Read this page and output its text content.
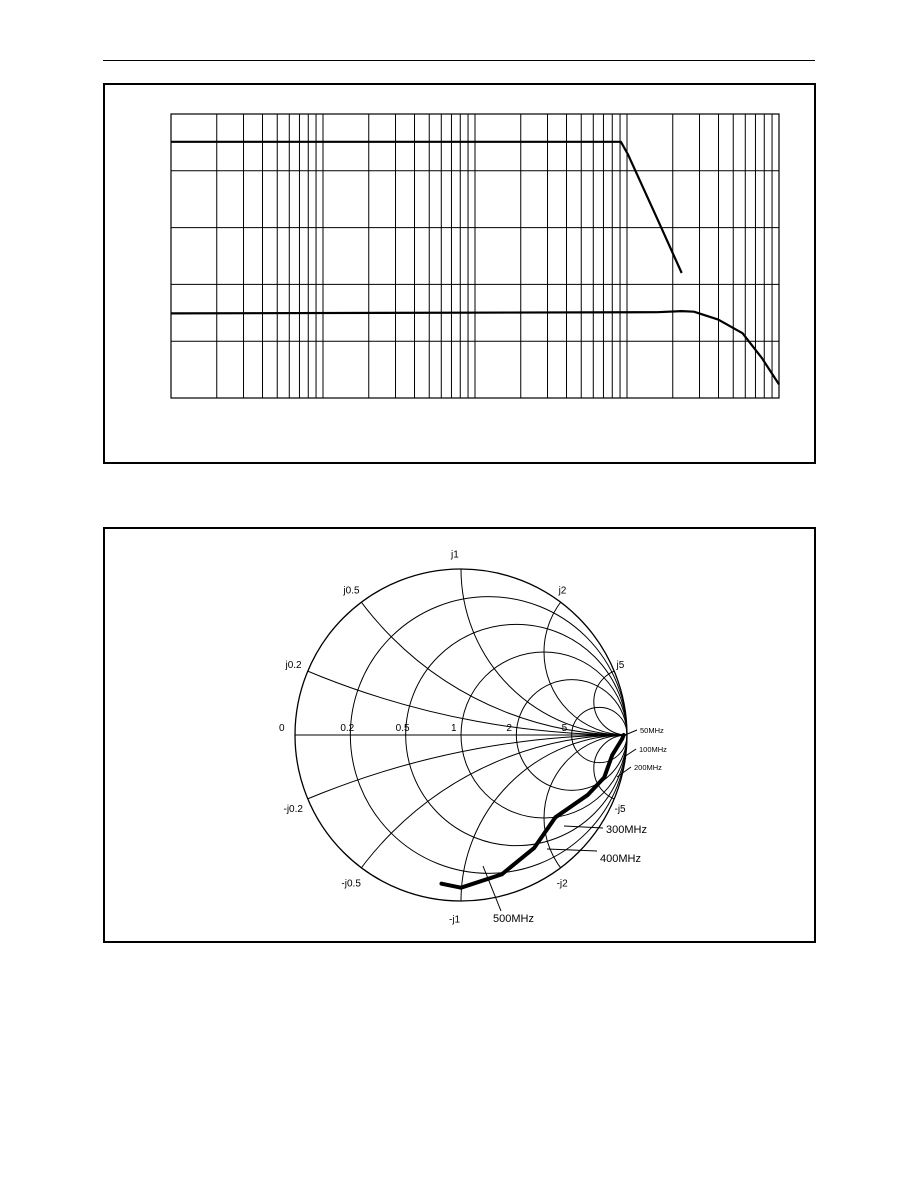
0	0.2	0.5	1	2	5
j0.2
j0.5
j1
j2
j5
-j0.2
-j0.5
-j1
-j2
-j5
50MHz
100MHz
200MHz
300MHz
400MHz
500MHz
